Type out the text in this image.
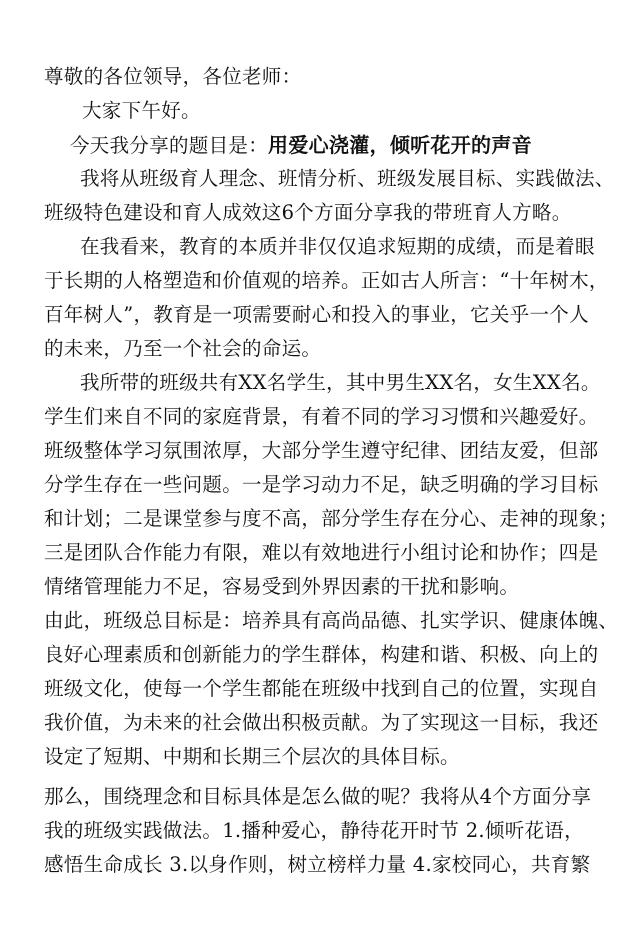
尊敬的各位领导，各位老师：
大家下午好。
今天我分享的题目是：用爱心浇灌，倾听花开的声音
我将从班级育人理念、班情分析、班级发展目标、实践做法、
班级特色建设和育人成效这6个方面分享我的带班育人方略。
在我看来，教育的本质并非仅仅追求短期的成绩，而是着眼
于长期的人格塑造和价值观的培养。正如古人所言：“十年树木，
百年树人”，教育是一项需要耐心和投入的事业，它关乎一个人
的未来，乃至一个社会的命运。
我所带的班级共有XX名学生，其中男生XX名，女生XX名。
学生们来自不同的家庭背景，有着不同的学习习惯和兴趣爱好。
班级整体学习氛围浓厚，大部分学生遵守纪律、团结友爱，但部
分学生存在一些问题。一是学习动力不足，缺乏明确的学习目标
和计划；二是课堂参与度不高，部分学生存在分心、走神的现象；
三是团队合作能力有限，难以有效地进行小组讨论和协作；四是
情绪管理能力不足，容易受到外界因素的干扰和影响。
由此，班级总目标是：培养具有高尚品德、扎实学识、健康体魄、
良好心理素质和创新能力的学生群体，构建和谐、积极、向上的
班级文化，使每一个学生都能在班级中找到自己的位置，实现自
我价值，为未来的社会做出积极贡献。为了实现这一目标，我还
设定了短期、中期和长期三个层次的具体目标。
那么，围绕理念和目标具体是怎么做的呢？我将从4个方面分享
我的班级实践做法。1.播种爱心，静待花开时节 2.倾听花语，
感悟生命成长 3.以身作则，树立榜样力量 4.家校同心，共育繁
